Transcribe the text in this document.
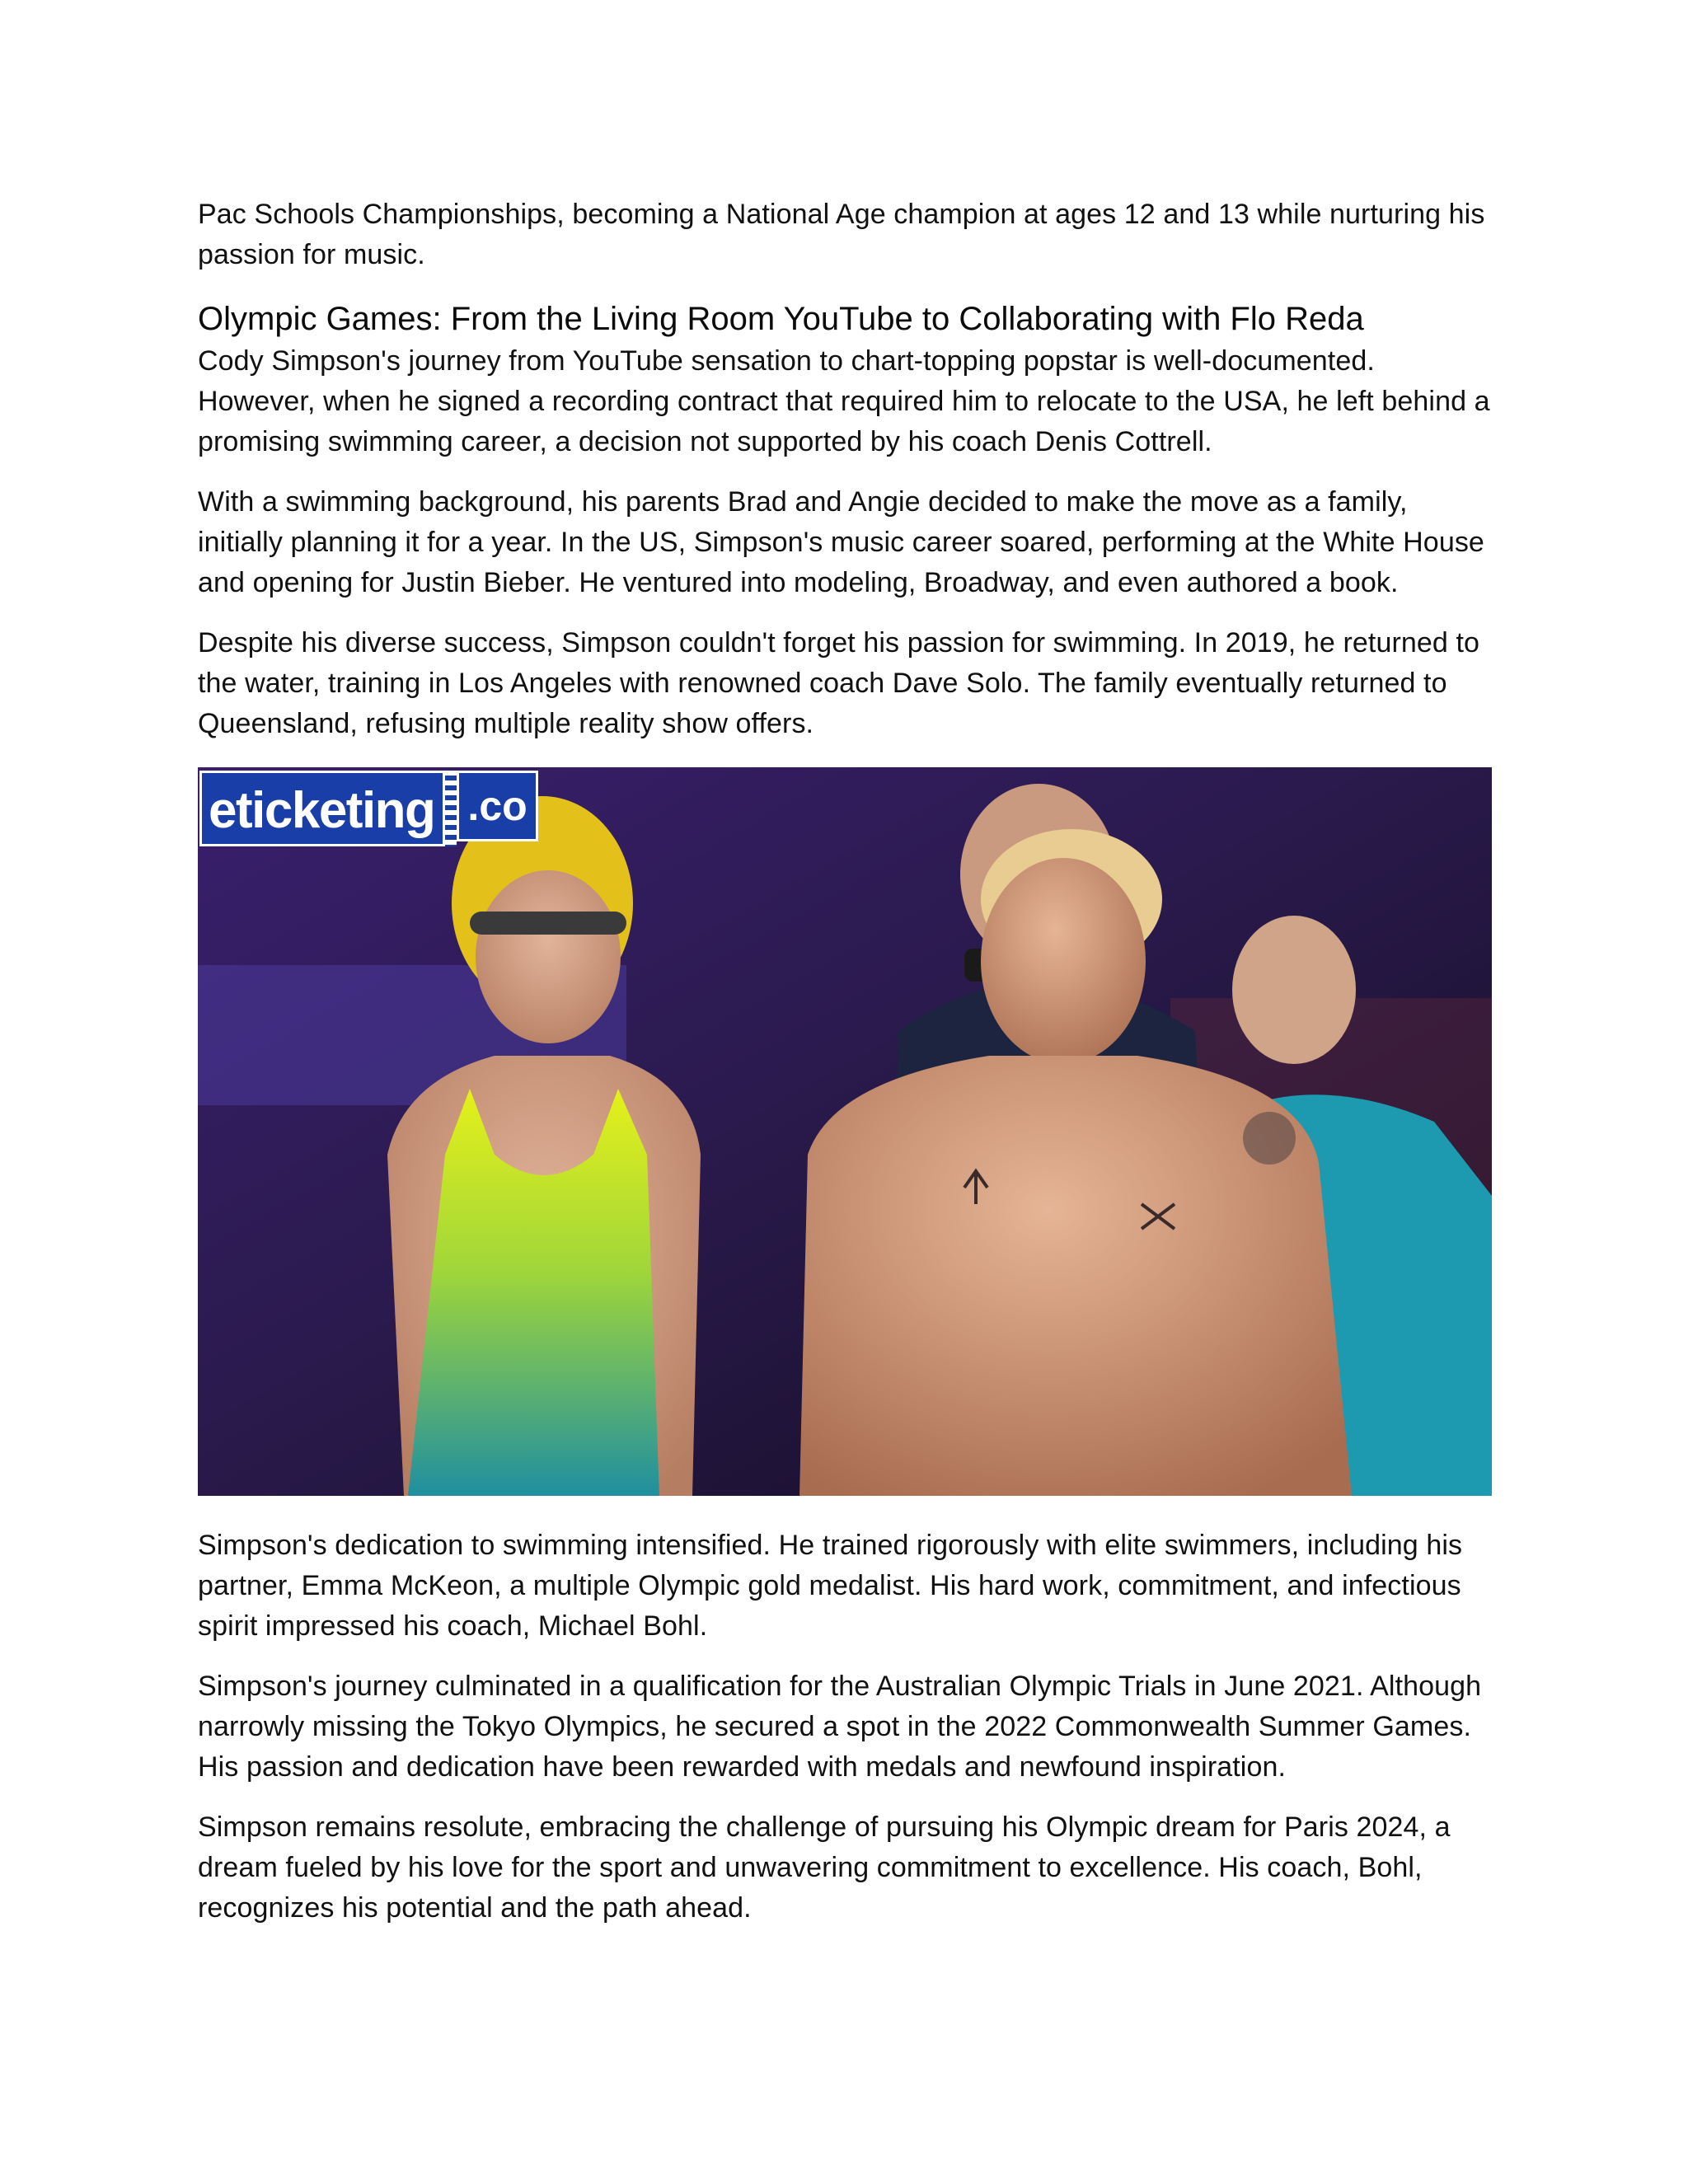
Pac Schools Championships, becoming a National Age champion at ages 12 and 13 while nurturing his passion for music.

Olympic Games: From the Living Room YouTube to Collaborating with Flo Reda

Cody Simpson's journey from YouTube sensation to chart-topping popstar is well-documented. However, when he signed a recording contract that required him to relocate to the USA, he left behind a promising swimming career, a decision not supported by his coach Denis Cottrell.

With a swimming background, his parents Brad and Angie decided to make the move as a family, initially planning it for a year. In the US, Simpson's music career soared, performing at the White House and opening for Justin Bieber. He ventured into modeling, Broadway, and even authored a book.

Despite his diverse success, Simpson couldn't forget his passion for swimming. In 2019, he returned to the water, training in Los Angeles with renowned coach Dave Solo. The family eventually returned to Queensland, refusing multiple reality show offers.

eticketing .co

Simpson's dedication to swimming intensified. He trained rigorously with elite swimmers, including his partner, Emma McKeon, a multiple Olympic gold medalist. His hard work, commitment, and infectious spirit impressed his coach, Michael Bohl.

Simpson's journey culminated in a qualification for the Australian Olympic Trials in June 2021. Although narrowly missing the Tokyo Olympics, he secured a spot in the 2022 Commonwealth Summer Games. His passion and dedication have been rewarded with medals and newfound inspiration.

Simpson remains resolute, embracing the challenge of pursuing his Olympic dream for Paris 2024, a dream fueled by his love for the sport and unwavering commitment to excellence. His coach, Bohl, recognizes his potential and the path ahead.
